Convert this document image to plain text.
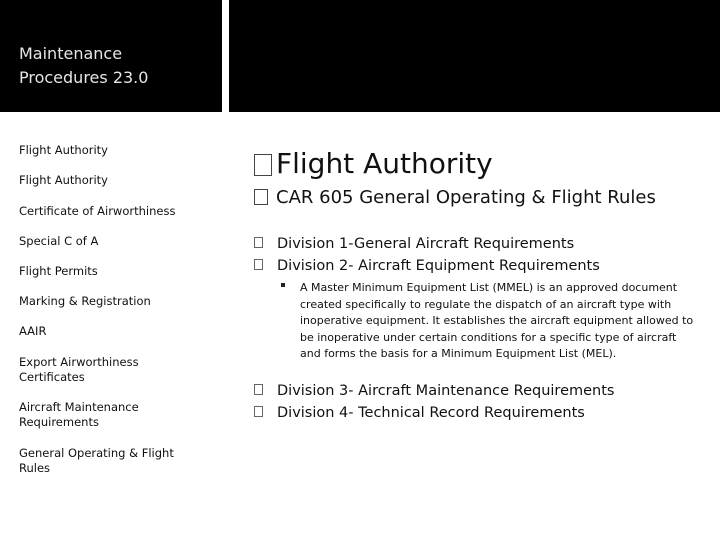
Maintenance Procedures 23.0
Flight Authority
Flight Authority
Certificate of Airworthiness
Special C of A
Flight Permits
Marking & Registration
AAIR
Export Airworthiness Certificates
Aircraft Maintenance Requirements
General Operating & Flight Rules
Flight Authority
CAR 605 General Operating & Flight Rules
Division 1-General Aircraft Requirements
Division 2- Aircraft Equipment Requirements
A Master Minimum Equipment List (MMEL) is an approved document created specifically to regulate the dispatch of an aircraft type with inoperative equipment. It establishes the aircraft equipment allowed to be inoperative under certain conditions for a specific type of aircraft and forms the basis for a Minimum Equipment List (MEL).
Division 3- Aircraft Maintenance Requirements
Division 4- Technical Record Requirements
